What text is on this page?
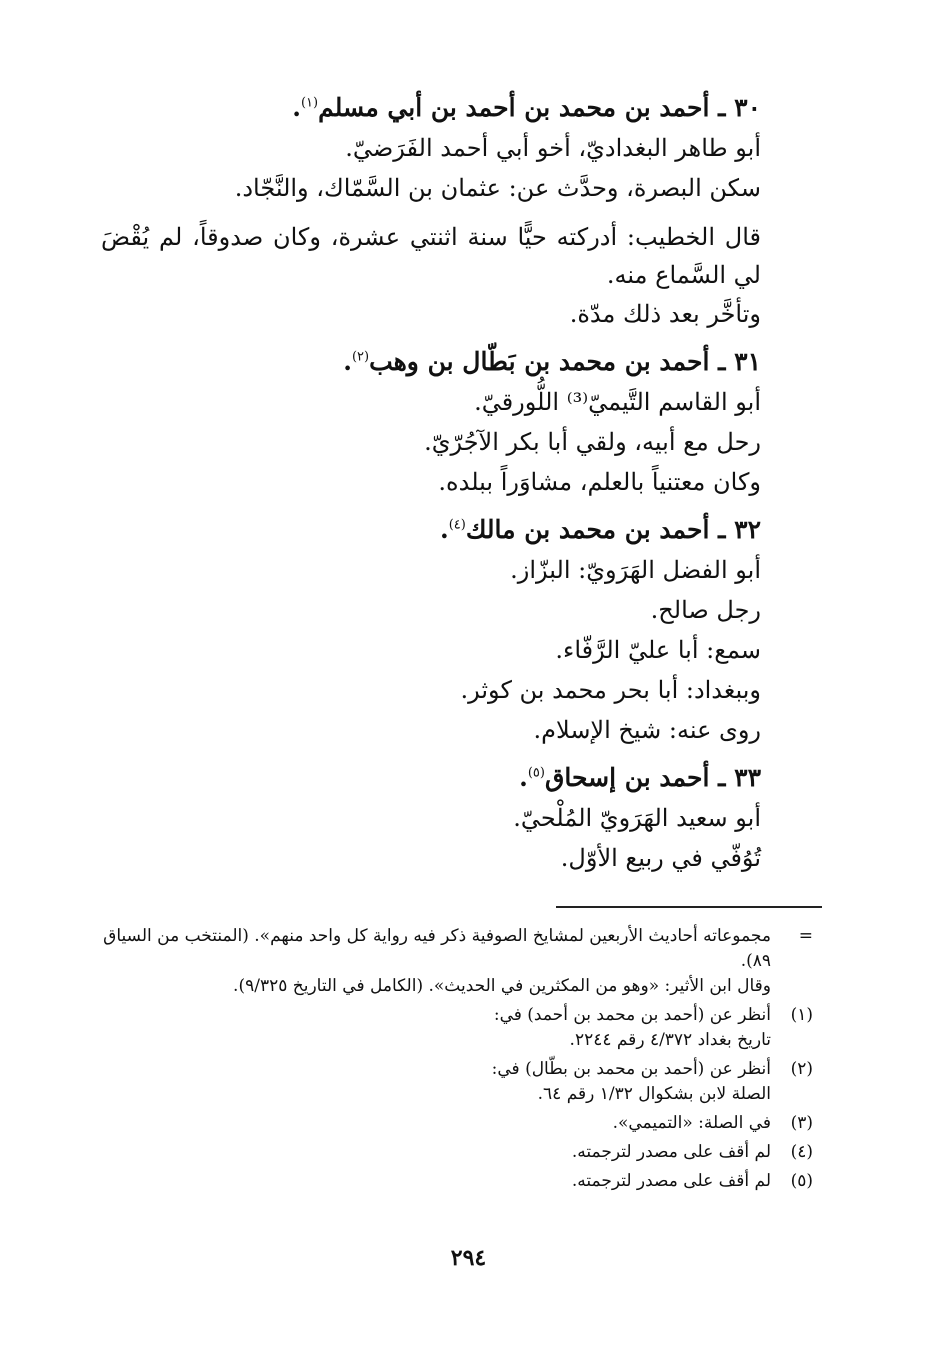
٣٠ ـ أحمد بن محمد بن أحمد بن أبي مسلم$^{(١)}$.

أبو طاهر البغداديّ، أخو أبي أحمد الفَرَضيّ.

سكن البصرة، وحدَّث عن: عثمان بن السَّمّاك، والنَّجّاد.

قال الخطيب: أدركته حيًّا سنة اثنتي عشرة، وكان صدوقاً، لم يُقْضَ لي السَّماع منه.

وتأخَّر بعد ذلك مدّة.

٣١ ـ أحمد بن محمد بن بَطّال بن وهب$^{(٢)}$.

أبو القاسم التَّيميّ⁽³⁾ اللُّورقيّ.

رحل مع أبيه، ولقي أبا بكر الآجُرّيّ.

وكان معتنياً بالعلم، مشاوَراً ببلده.

٣٢ ـ أحمد بن محمد بن مالك$^{(٤)}$.

أبو الفضل الهَرَويّ: البزّاز.

رجل صالح.

سمع: أبا عليّ الرَّفّاء.

وببغداد: أبا بحر محمد بن كوثر.

روى عنه: شيخ الإسلام.

٣٣ ـ أحمد بن إسحاق$^{(٥)}$.

أبو سعيد الهَرَويّ المُلْحيّ.

تُوُفّي في ربيع الأوّل.

=
مجموعاته أحاديث الأربعين لمشايخ الصوفية ذكر فيه رواية كل واحد منهم». (المنتخب من السياق ٨٩).
وقال ابن الأثير: «وهو من المكثرين في الحديث». (الكامل في التاريخ ٩/٣٢٥).
(١)
أنظر عن (أحمد بن محمد بن أحمد) في:
تاريخ بغداد ٤/٣٧٢ رقم ٢٢٤٤.
(٢)
أنظر عن (أحمد بن محمد بن بطّال) في:
الصلة لابن بشكوال ١/٣٢ رقم ٦٤.
(٣)
في الصلة: «التميمي».
(٤)
لم أقف على مصدر لترجمته.
(٥)
لم أقف على مصدر لترجمته.
٢٩٤
